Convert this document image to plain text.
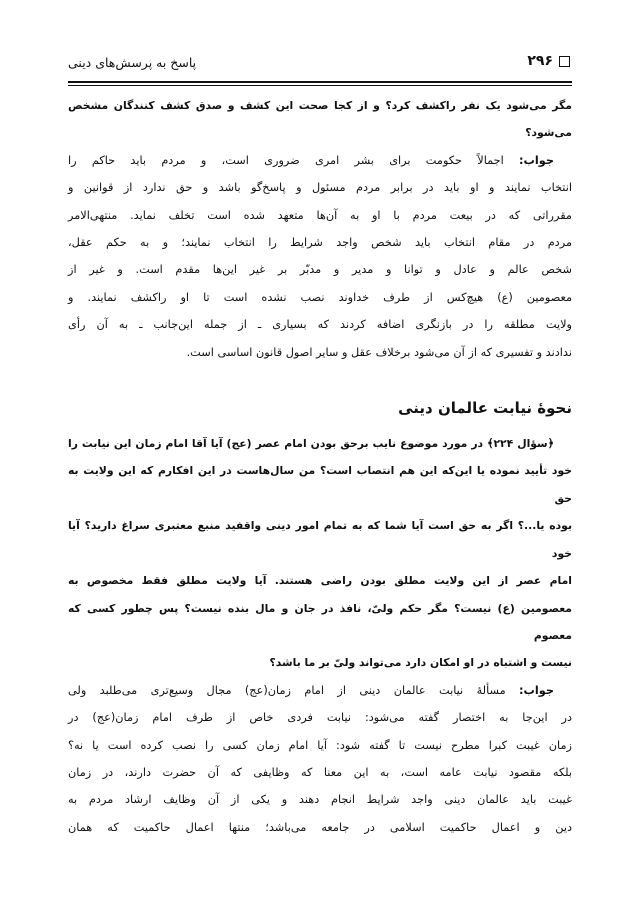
۲۹۶
پاسخ به پرسش‌های دینی
مگر می‌شود یک نفر راکشف کرد؟ و از کجا صحت این کشف و صدق کشف کنندگان مشخص
می‌شود؟
جواب: اجمالاً حکومت برای بشر امری ضروری است، و مردم باید حاکم را
انتخاب نمایند و او باید در برابر مردم مسئول و پاسخ‌گو باشد و حق ندارد از قوانین و
مقرراتی که در بیعت مردم با او به آن‌ها متعهد شده است تخلف نماید. منتهی‌الامر
مردم در مقام انتخاب باید شخص واجد شرایط را انتخاب نمایند؛ و به حکم عقل،
شخص عالم و عادل و توانا و مدیر و مدبّر بر غیر این‌ها مقدم است. و غیر از
معصومین (ع) هیچ‌کس از طرف خداوند نصب نشده است تا او راکشف نمایند. و
ولایت مطلقه را در بازنگری اضافه کردند که بسیاری ـ از جمله این‌جانب ـ به آن رأی
ندادند و تفسیری که از آن می‌شود برخلاف عقل و سایر اصول قانون اساسی است.
نحوهٔ نیابت عالمان دینی
﴿سؤال ۲۲۴﴾ در مورد موضوع نایب برحق بودن امام عصر (عج) آیا آقا امام زمان این نیابت را
خود تأیید نموده یا این‌که این هم انتصاب است؟ من سال‌هاست در این افکارم که این ولایت به حق
بوده یا...؟ اگر به حق است آیا شما که به تمام امور دینی واقفید منبع معتبری سراغ دارید؟ آیا خود
امام عصر از این ولایت مطلق بودن راضی هستند. آیا ولایت مطلق فقط مخصوص به
معصومین (ع) نیست؟ مگر حکم ولیّ، نافذ در جان و مال بنده نیست؟ پس چطور کسی که معصوم
نیست و اشتباه در او امکان دارد می‌تواند ولیّ بر ما باشد؟
جواب: مسألهٔ نیابت عالمان دینی از امام زمان(عج) مجال وسیع‌تری می‌طلبد ولی
در این‌جا به اختصار گفته می‌شود: نیابت فردی خاص از طرف امام زمان(عج) در
زمان غیبت کبرا مطرح نیست تا گفته شود: آیا امام زمان کسی را نصب کرده است یا نه؟
بلکه مقصود نیابت عامه است، به این معنا که وظایفی که آن حضرت دارند، در زمان
غیبت باید عالمان دینی واجد شرایط انجام دهند و یکی از آن وظایف ارشاد مردم به
دین و اعمال حاکمیت اسلامی در جامعه می‌باشد؛ منتها اعمال حاکمیت که همان
